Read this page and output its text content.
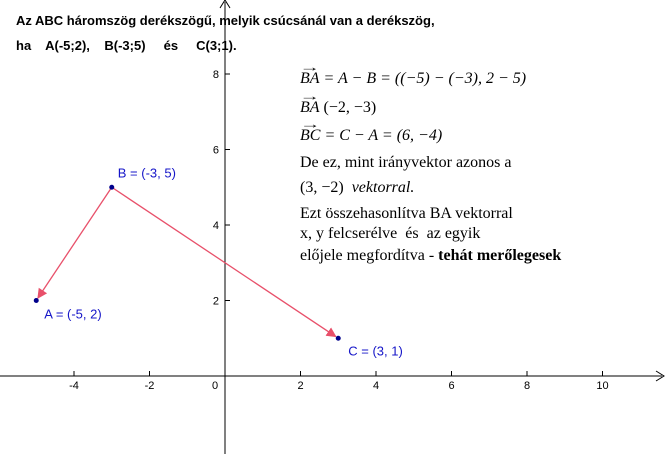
-4	-2	0	2	4	6	8	10
8
6
4
2
A = (-5, 2)
B = (-3, 5)
C = (3, 1)
Az ABC háromszög derékszögű, melyik csúcsánál van a derékszög,
ha    A(-5;2),    B(-3;5)     és     C(3;1).
→ BA = A − B = ((−5) − (−3), 2 − 5)
→ BA (−2, −3)
→ BC = C − A = (6, −4)
De ez, mint irányvektor azonos a
(3, −2)  vektorral.
Ezt összehasonlítva BA vektorral
x, y felcserélve  és  az egyik
előjele megfordítva - tehát merőlegesek
